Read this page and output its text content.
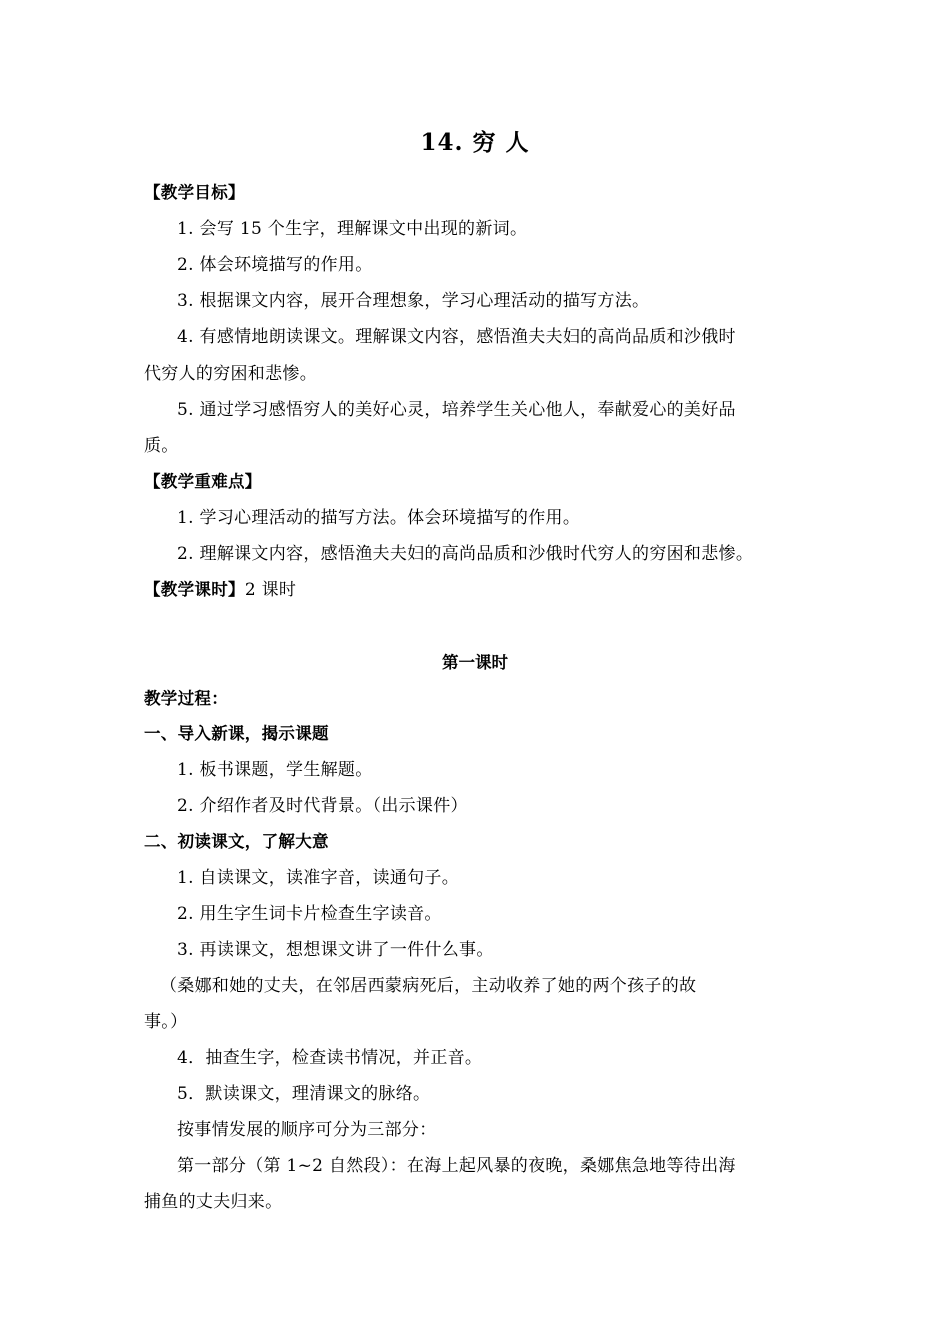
14. 穷 人
【教学目标】
1. 会写 15 个生字，理解课文中出现的新词。
2. 体会环境描写的作用。
3. 根据课文内容，展开合理想象，学习心理活动的描写方法。
4. 有感情地朗读课文。理解课文内容，感悟渔夫夫妇的高尚品质和沙俄时
代穷人的穷困和悲惨。
5. 通过学习感悟穷人的美好心灵，培养学生关心他人，奉献爱心的美好品
质。
【教学重难点】
1. 学习心理活动的描写方法。体会环境描写的作用。
2. 理解课文内容，感悟渔夫夫妇的高尚品质和沙俄时代穷人的穷困和悲惨。
【教学课时】2 课时
第一课时
教学过程：
一、导入新课，揭示课题
1. 板书课题，学生解题。
2. 介绍作者及时代背景。（出示课件）
二、初读课文，了解大意
1. 自读课文，读准字音，读通句子。
2. 用生字生词卡片检查生字读音。
3. 再读课文，想想课文讲了一件什么事。
（桑娜和她的丈夫，在邻居西蒙病死后，主动收养了她的两个孩子的故
事。）
4．抽查生字，检查读书情况，并正音。
5．默读课文，理清课文的脉络。
按事情发展的顺序可分为三部分：
第一部分（第 1~2 自然段）：在海上起风暴的夜晚，桑娜焦急地等待出海
捕鱼的丈夫归来。
